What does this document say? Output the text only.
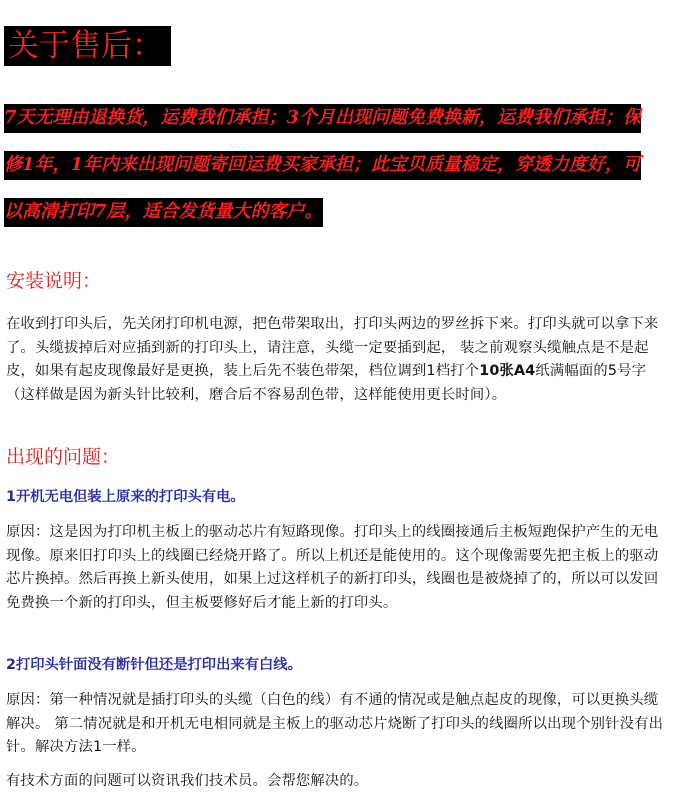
关于售后：
7天无理由退换货，运费我们承担；3个月出现问题免费换新，运费我们承担；保修1年，1年内来出现问题寄回运费买家承担；此宝贝质量稳定，穿透力度好，可以高清打印7层，适合发货量大的客户。
安装说明：
在收到打印头后，先关闭打印机电源，把色带架取出，打印头两边的罗丝拆下来。打印头就可以拿下来了。头缆拔掉后对应插到新的打印头上，请注意，头缆一定要插到起， 装之前观察头缆触点是不是起皮，如果有起皮现像最好是更换，装上后先不装色带架，档位调到1档打个10张A4纸满幅面的5号字（这样做是因为新头针比较利，磨合后不容易刮色带，这样能使用更长时间）。
出现的问题：
1开机无电但装上原来的打印头有电。
原因：这是因为打印机主板上的驱动芯片有短路现像。打印头上的线圈接通后主板短跑保护产生的无电现像。原来旧打印头上的线圈已经烧开路了。所以上机还是能使用的。这个现像需要先把主板上的驱动芯片换掉。然后再换上新头使用，如果上过这样机子的新打印头，线圈也是被烧掉了的，所以可以发回免费换一个新的打印头，但主板要修好后才能上新的打印头。
2打印头针面没有断针但还是打印出来有白线。
原因：第一种情况就是插打印头的头缆（白色的线）有不通的情况或是触点起皮的现像，可以更换头缆解决。 第二情况就是和开机无电相同就是主板上的驱动芯片烧断了打印头的线圈所以出现个别针没有出针。解决方法1一样。
有技术方面的问题可以资讯我们技术员。会帮您解决的。
